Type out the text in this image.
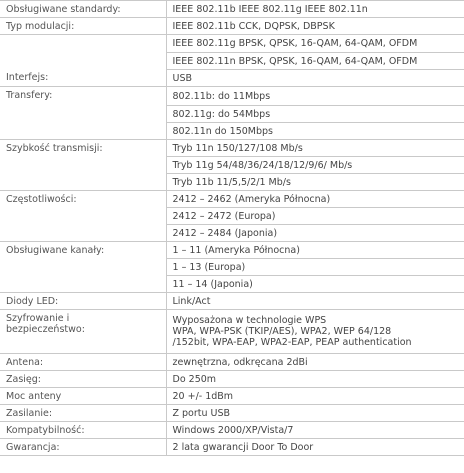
Obsługiwane standardy:	IEEE 802.11b IEEE 802.11g IEEE 802.11n
Typ modulacji:	IEEE 802.11b CCK, DQPSK, DBPSK
Interfejs:	IEEE 802.11g BPSK, QPSK, 16-QAM, 64-QAM, OFDM
	IEEE 802.11n BPSK, QPSK, 16-QAM, 64-QAM, OFDM
	USB
Transfery:	802.11b: do 11Mbps
	802.11g: do 54Mbps
	802.11n do 150Mbps
Szybkość transmisji:	Tryb 11n 150/127/108 Mb/s
	Tryb 11g 54/48/36/24/18/12/9/6/ Mb/s
	Tryb 11b 11/5,5/2/1 Mb/s
Częstotliwości:	2412 – 2462 (Ameryka Północna)
	2412 – 2472 (Europa)
	2412 – 2484 (Japonia)
Obsługiwane kanały:	1 – 11 (Ameryka Północna)
	1 – 13 (Europa)
	11 – 14 (Japonia)
Diody LED:	Link/Act

Szyfrowanie i
bezpieczeństwo:	Wyposażona w technologie WPS
WPA, WPA-PSK (TKIP/AES), WPA2, WEP 64/128
/152bit, WPA-EAP, WPA2-EAP, PEAP authentication

Antena:	zewnętrzna, odkręcana 2dBi
Zasięg:	Do 250m
Moc anteny	20 +/- 1dBm
Zasilanie:	Z portu USB
Kompatybilność:	Windows 2000/XP/Vista/7
Gwarancja:	2 lata gwarancji Door To Door
